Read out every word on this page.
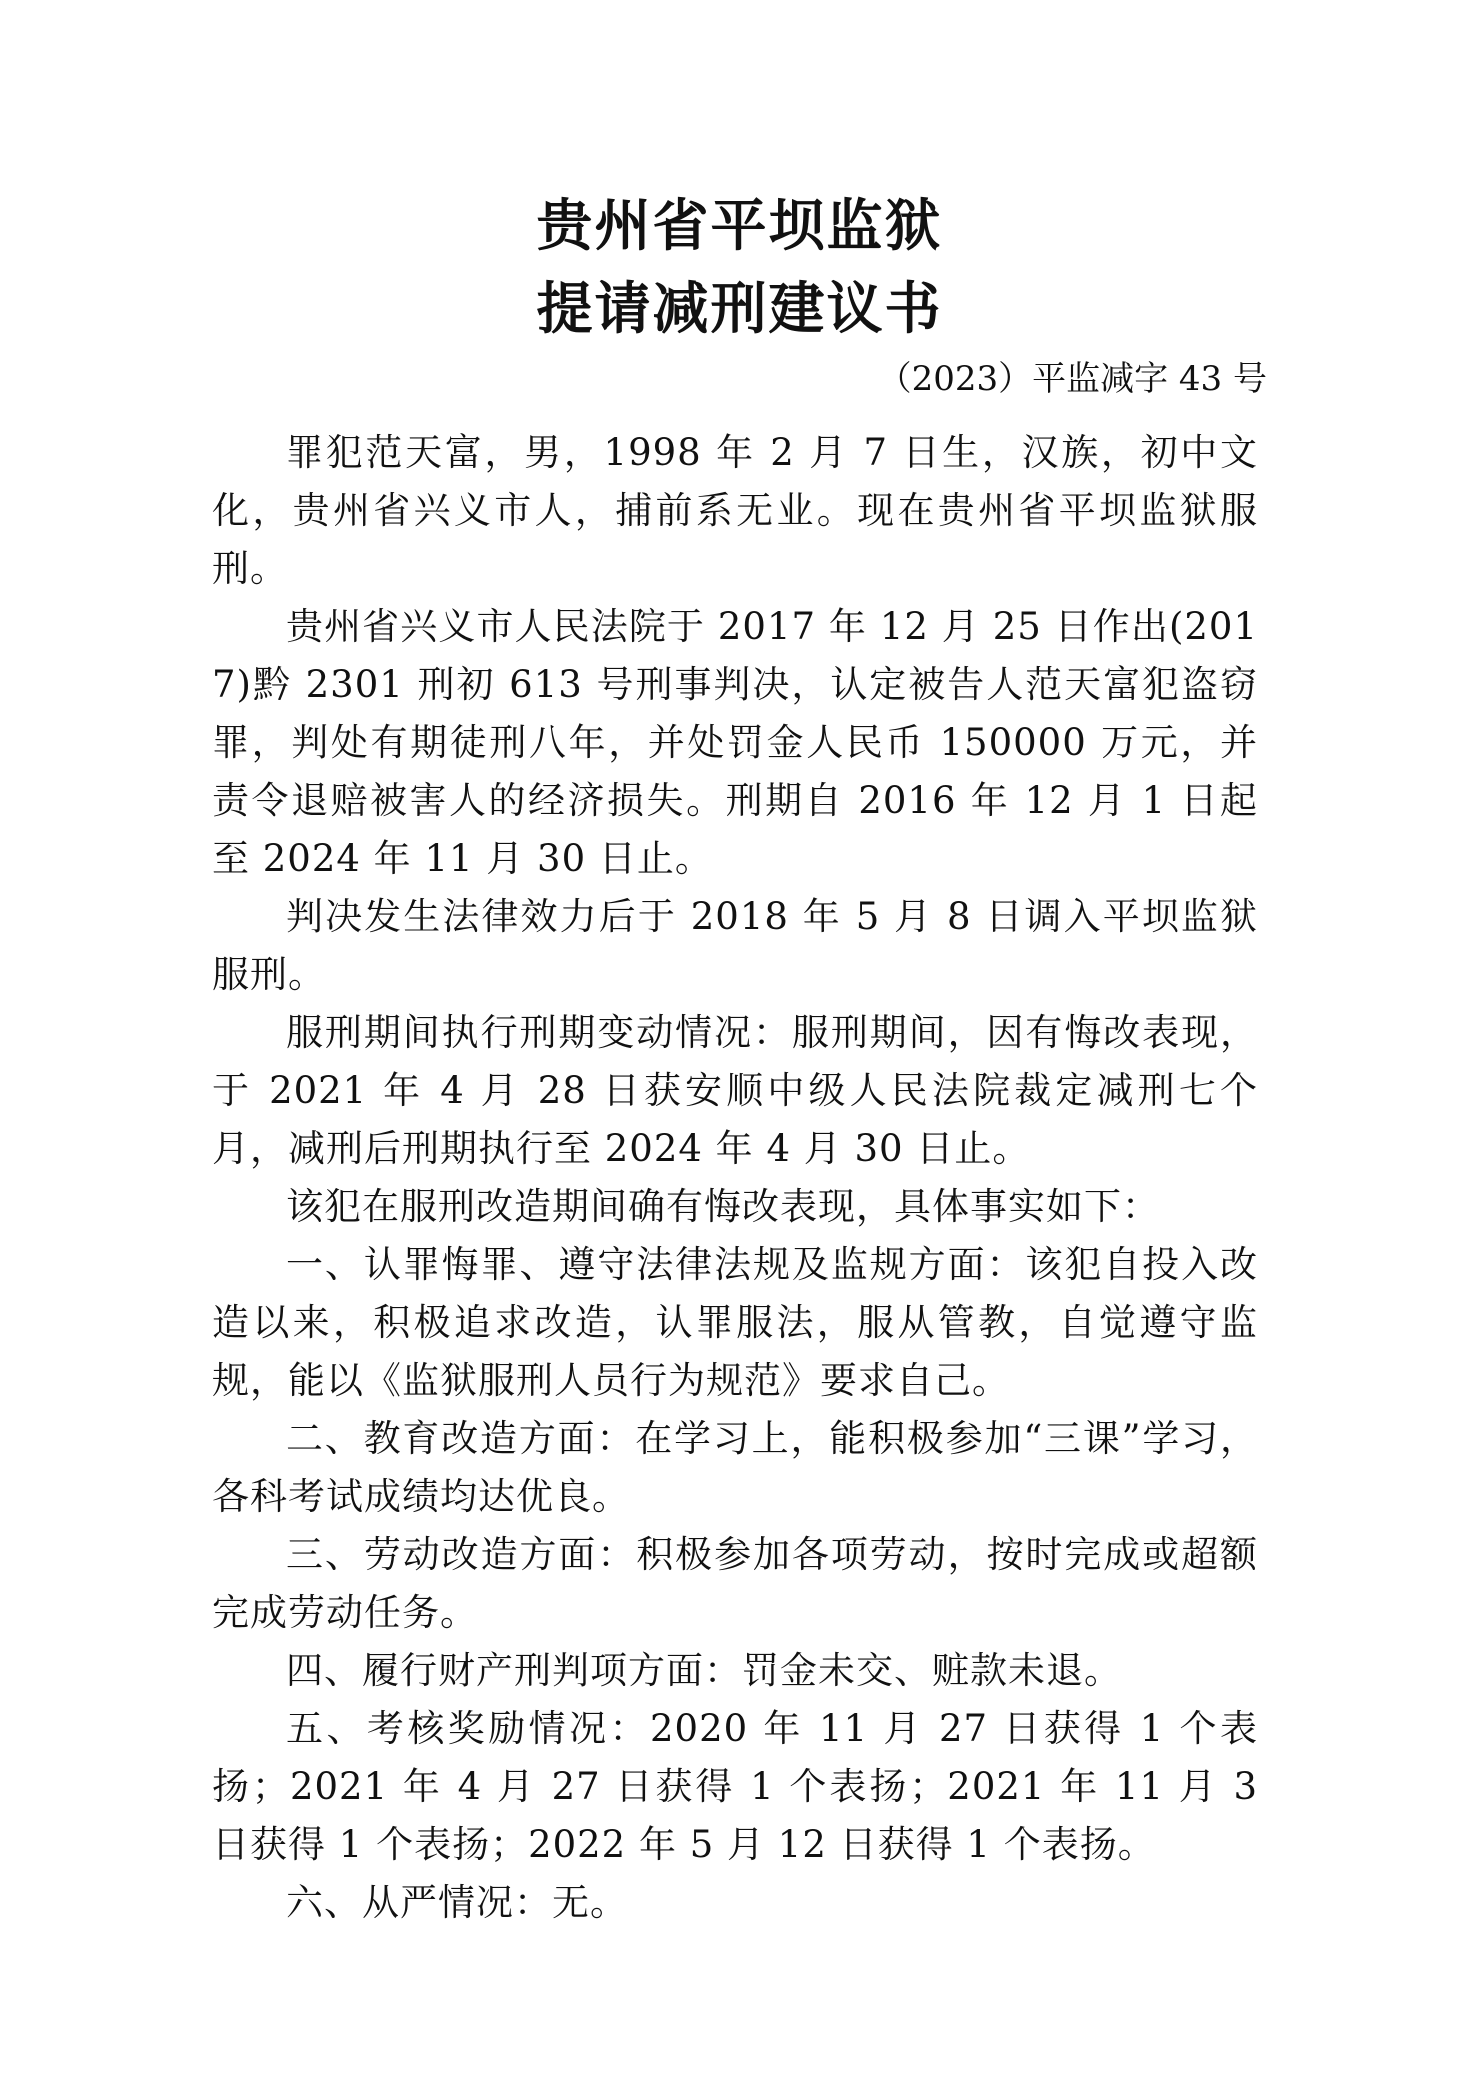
贵州省平坝监狱
提请减刑建议书
（2023）平监减字 43 号

罪犯范天富，男，1998 年 2 月 7 日生，汉族，初中文化，贵州省兴义市人，捕前系无业。现在贵州省平坝监狱服刑。

贵州省兴义市人民法院于 2017 年 12 月 25 日作出(2017)黔 2301 刑初 613 号刑事判决，认定被告人范天富犯盗窃罪，判处有期徒刑八年，并处罚金人民币 150000 万元，并责令退赔被害人的经济损失。刑期自 2016 年 12 月 1 日起至 2024 年 11 月 30 日止。

判决发生法律效力后于 2018 年 5 月 8 日调入平坝监狱服刑。

服刑期间执行刑期变动情况：服刑期间，因有悔改表现，于 2021 年 4 月 28 日获安顺中级人民法院裁定减刑七个月，减刑后刑期执行至 2024 年 4 月 30 日止。

该犯在服刑改造期间确有悔改表现，具体事实如下：

一、认罪悔罪、遵守法律法规及监规方面：该犯自投入改造以来，积极追求改造，认罪服法，服从管教，自觉遵守监规，能以《监狱服刑人员行为规范》要求自己。

二、教育改造方面：在学习上，能积极参加“三课”学习，各科考试成绩均达优良。

三、劳动改造方面：积极参加各项劳动，按时完成或超额完成劳动任务。

四、履行财产刑判项方面：罚金未交、赃款未退。

五、考核奖励情况：2020 年 11 月 27 日获得 1 个表扬；2021 年 4 月 27 日获得 1 个表扬；2021 年 11 月 3 日获得 1 个表扬；2022 年 5 月 12 日获得 1 个表扬。

六、从严情况：无。
